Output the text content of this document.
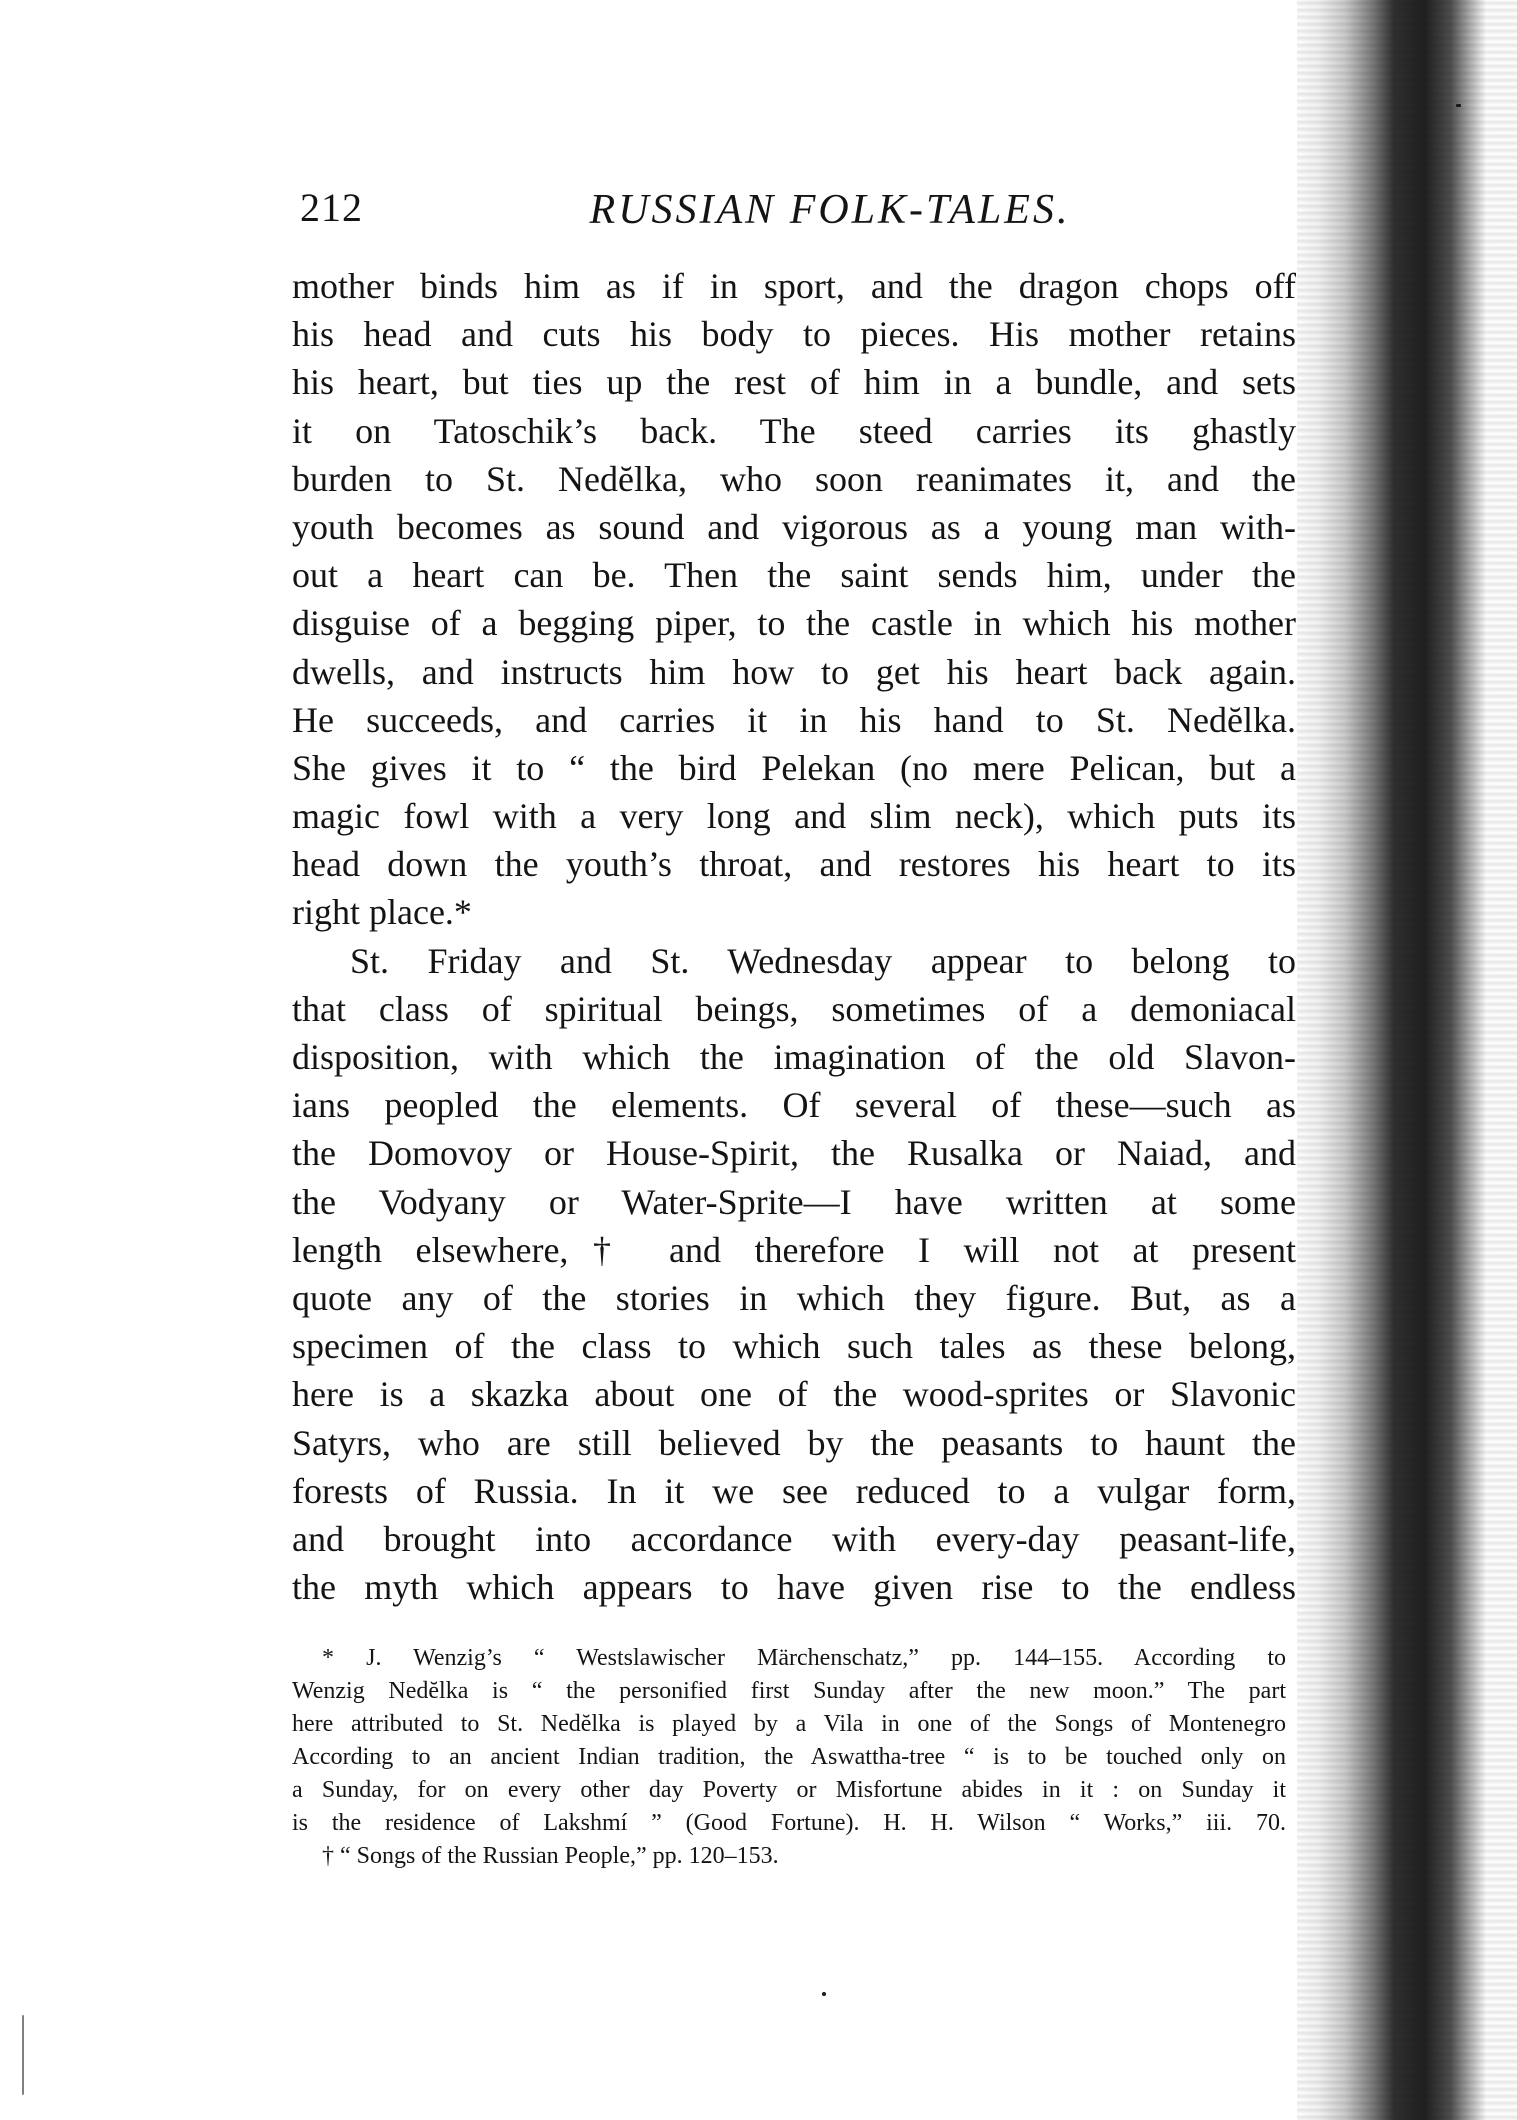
212	RUSSIAN FOLK-TALES.
mother binds him as if in sport, and the dragon chops off
his head and cuts his body to pieces. His mother retains
his heart, but ties up the rest of him in a bundle, and sets
it on Tatoschik’s back. The steed carries its ghastly
burden to St. Nedĕlka, who soon reanimates it, and the
youth becomes as sound and vigorous as a young man with-
out a heart can be. Then the saint sends him, under the
disguise of a begging piper, to the castle in which his mother
dwells, and instructs him how to get his heart back again.
He succeeds, and carries it in his hand to St. Nedĕlka.
She gives it to “ the bird Pelekan (no mere Pelican, but a
magic fowl with a very long and slim neck), which puts its
head down the youth’s throat, and restores his heart to its
right place.*
St. Friday and St. Wednesday appear to belong to
that class of spiritual beings, sometimes of a demoniacal
disposition, with which the imagination of the old Slavon-
ians peopled the elements. Of several of these—such as
the Domovoy or House-Spirit, the Rusalka or Naiad, and
the Vodyany or Water-Sprite—I have written at some
length elsewhere,† and therefore I will not at present
quote any of the stories in which they figure. But, as a
specimen of the class to which such tales as these belong,
here is a skazka about one of the wood-sprites or Slavonic
Satyrs, who are still believed by the peasants to haunt the
forests of Russia. In it we see reduced to a vulgar form,
and brought into accordance with every-day peasant-life,
the myth which appears to have given rise to the endless
* J. Wenzig’s “ Westslawischer Märchenschatz,” pp. 144–155. According to
Wenzig Nedĕlka is “ the personified first Sunday after the new moon.” The part
here attributed to St. Nedĕlka is played by a Vila in one of the Songs of Montenegro
According to an ancient Indian tradition, the Aswattha-tree “ is to be touched only on
a Sunday, for on every other day Poverty or Misfortune abides in it : on Sunday it
is the residence of Lakshmí ” (Good Fortune). H. H. Wilson “ Works,” iii. 70.
† “ Songs of the Russian People,” pp. 120–153.
